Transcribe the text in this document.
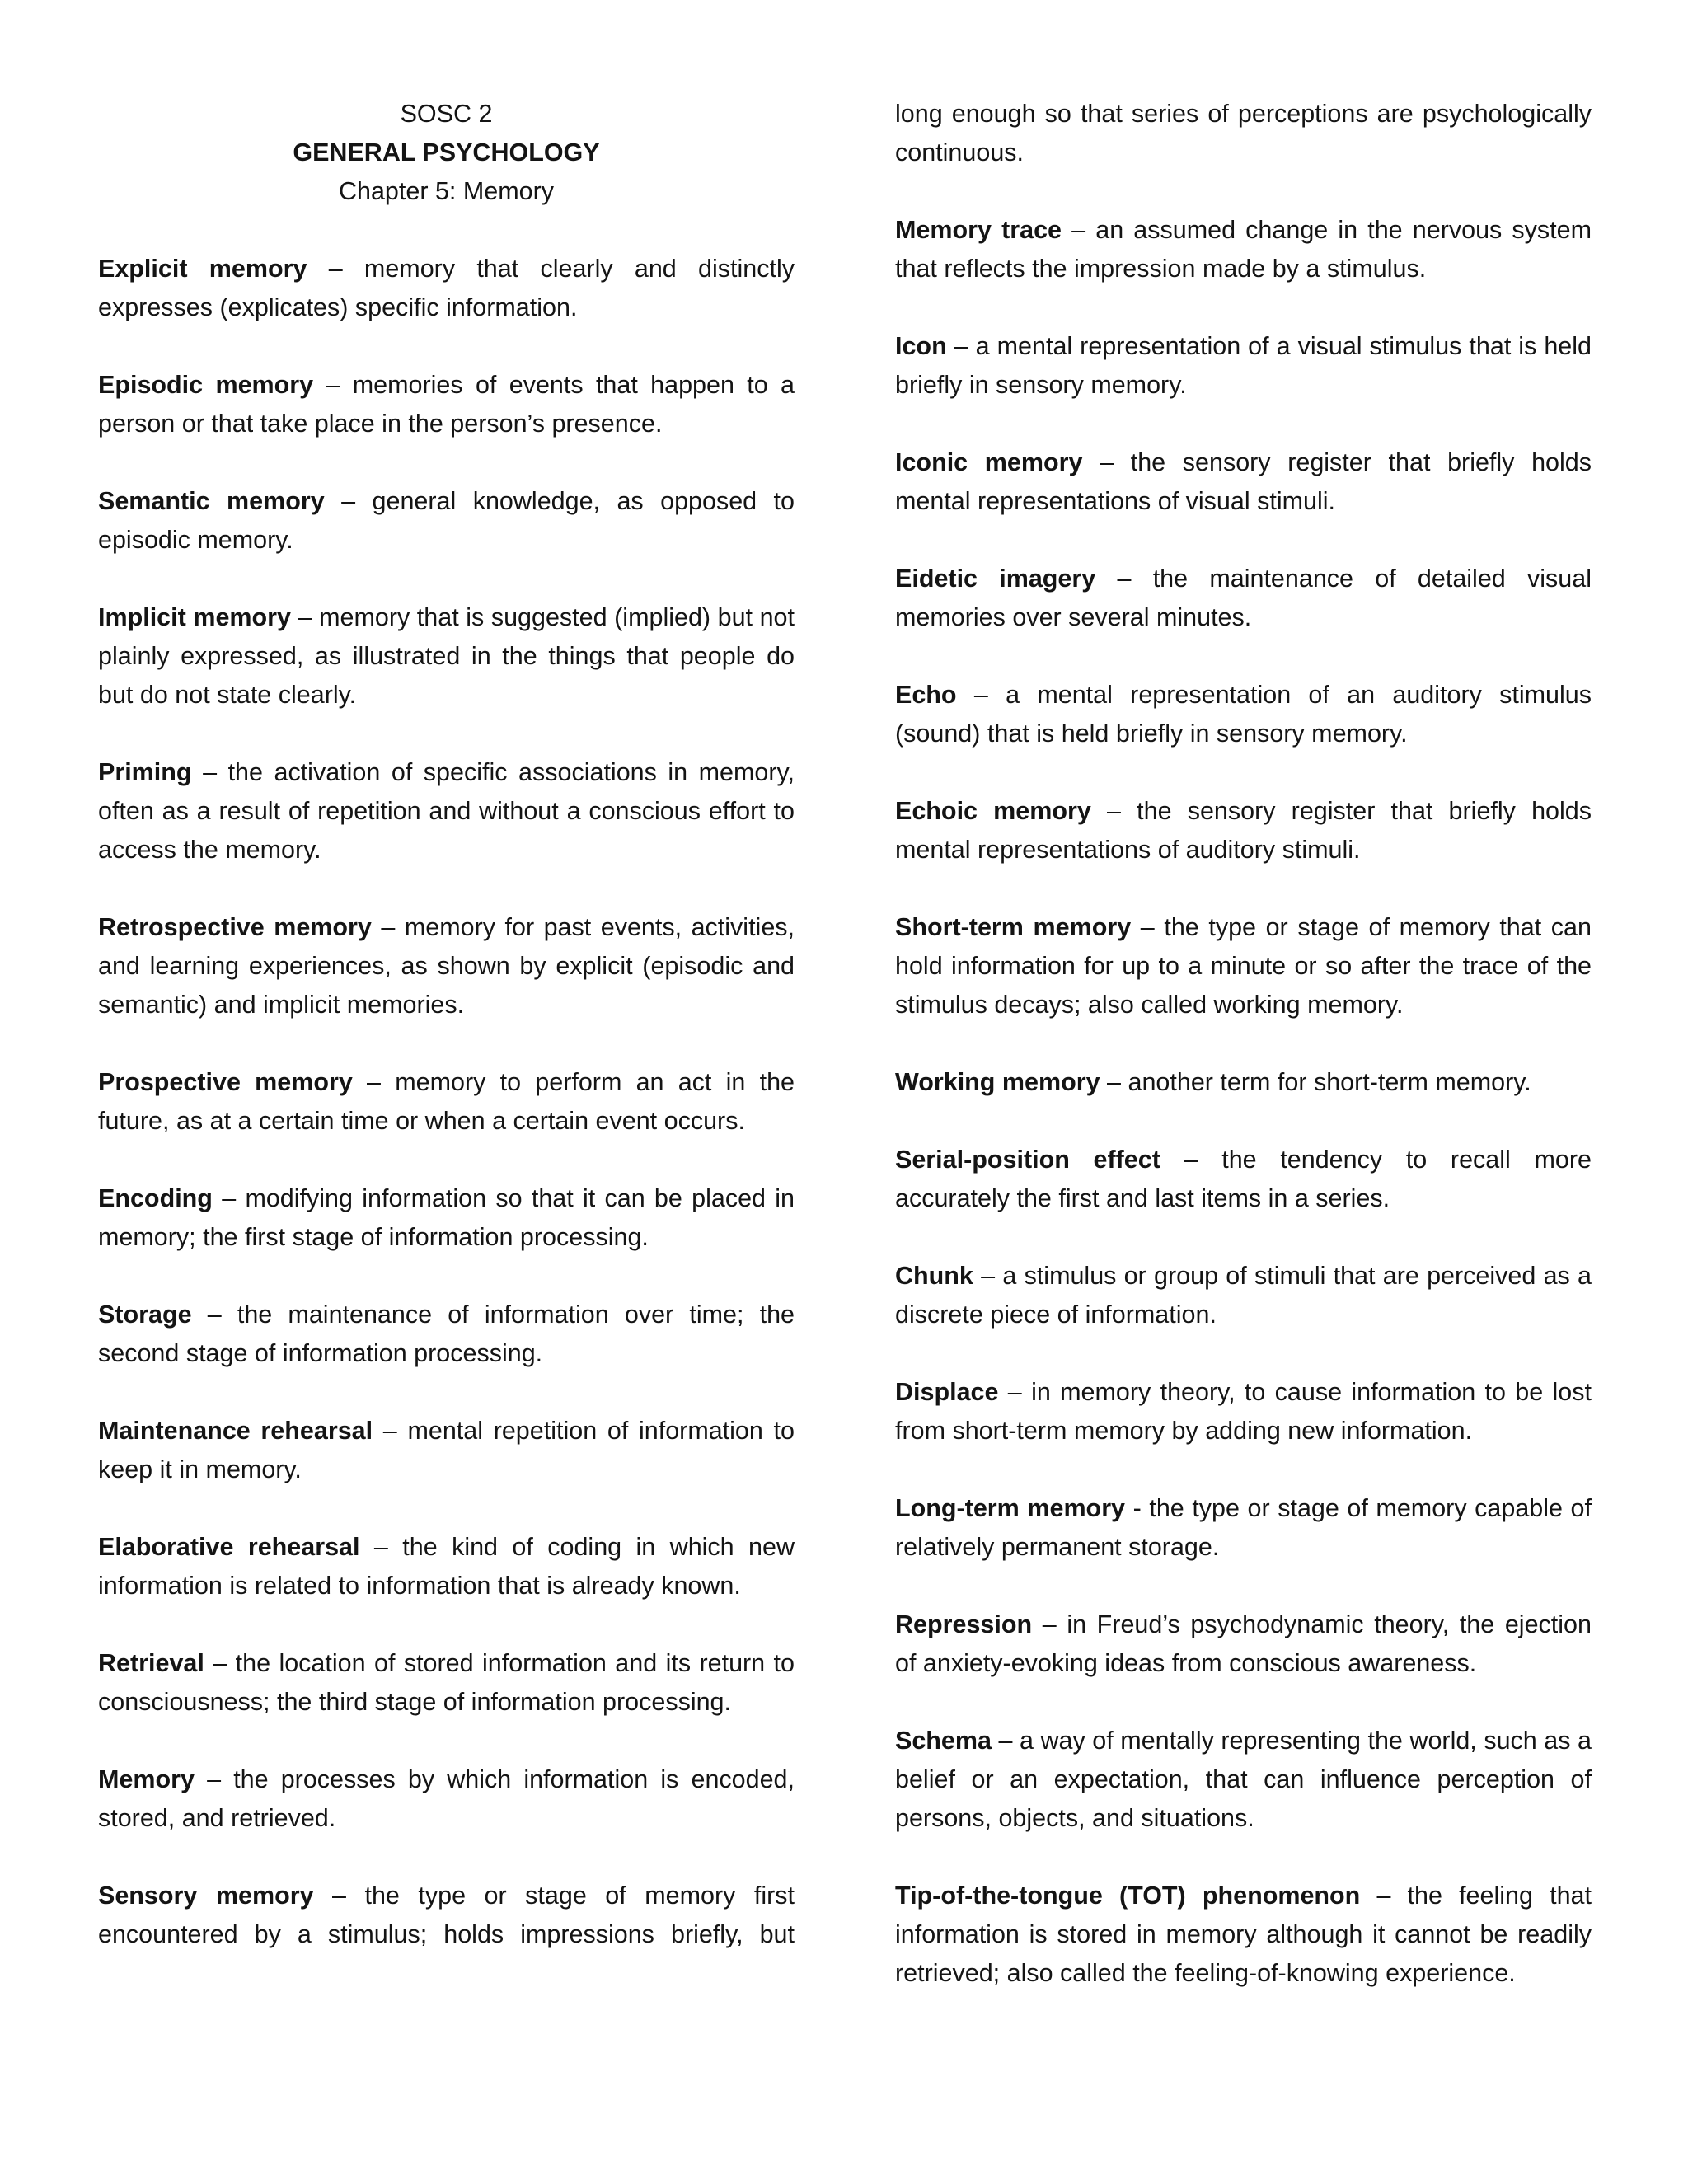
SOSC 2
GENERAL PSYCHOLOGY
Chapter 5: Memory

Explicit memory – memory that clearly and distinctly expresses (explicates) specific information.

Episodic memory – memories of events that happen to a person or that take place in the person’s presence.

Semantic memory – general knowledge, as opposed to episodic memory.

Implicit memory – memory that is suggested (implied) but not plainly expressed, as illustrated in the things that people do but do not state clearly.

Priming – the activation of specific associations in memory, often as a result of repetition and without a conscious effort to access the memory.

Retrospective memory – memory for past events, activities, and learning experiences, as shown by explicit (episodic and semantic) and implicit memories.

Prospective memory – memory to perform an act in the future, as at a certain time or when a certain event occurs.

Encoding – modifying information so that it can be placed in memory; the first stage of information processing.

Storage – the maintenance of information over time; the second stage of information processing.

Maintenance rehearsal – mental repetition of information to keep it in memory.

Elaborative rehearsal – the kind of coding in which new information is related to information that is already known.

Retrieval – the location of stored information and its return to consciousness; the third stage of information processing.

Memory – the processes by which information is encoded, stored, and retrieved.

Sensory memory – the type or stage of memory first encountered by a stimulus; holds impressions briefly, but

long enough so that series of perceptions are psychologically continuous.

Memory trace – an assumed change in the nervous system that reflects the impression made by a stimulus.

Icon – a mental representation of a visual stimulus that is held briefly in sensory memory.

Iconic memory – the sensory register that briefly holds mental representations of visual stimuli.

Eidetic imagery – the maintenance of detailed visual memories over several minutes.

Echo – a mental representation of an auditory stimulus (sound) that is held briefly in sensory memory.

Echoic memory – the sensory register that briefly holds mental representations of auditory stimuli.

Short-term memory – the type or stage of memory that can hold information for up to a minute or so after the trace of the stimulus decays; also called working memory.

Working memory – another term for short-term memory.

Serial-position effect – the tendency to recall more accurately the first and last items in a series.

Chunk – a stimulus or group of stimuli that are perceived as a discrete piece of information.

Displace – in memory theory, to cause information to be lost from short-term memory by adding new information.

Long-term memory - the type or stage of memory capable of relatively permanent storage.

Repression – in Freud’s psychodynamic theory, the ejection of anxiety-evoking ideas from conscious awareness.

Schema – a way of mentally representing the world, such as a belief or an expectation, that can influence perception of persons, objects, and situations.

Tip-of-the-tongue (TOT) phenomenon – the feeling that information is stored in memory although it cannot be readily retrieved; also called the feeling-of-knowing experience.
